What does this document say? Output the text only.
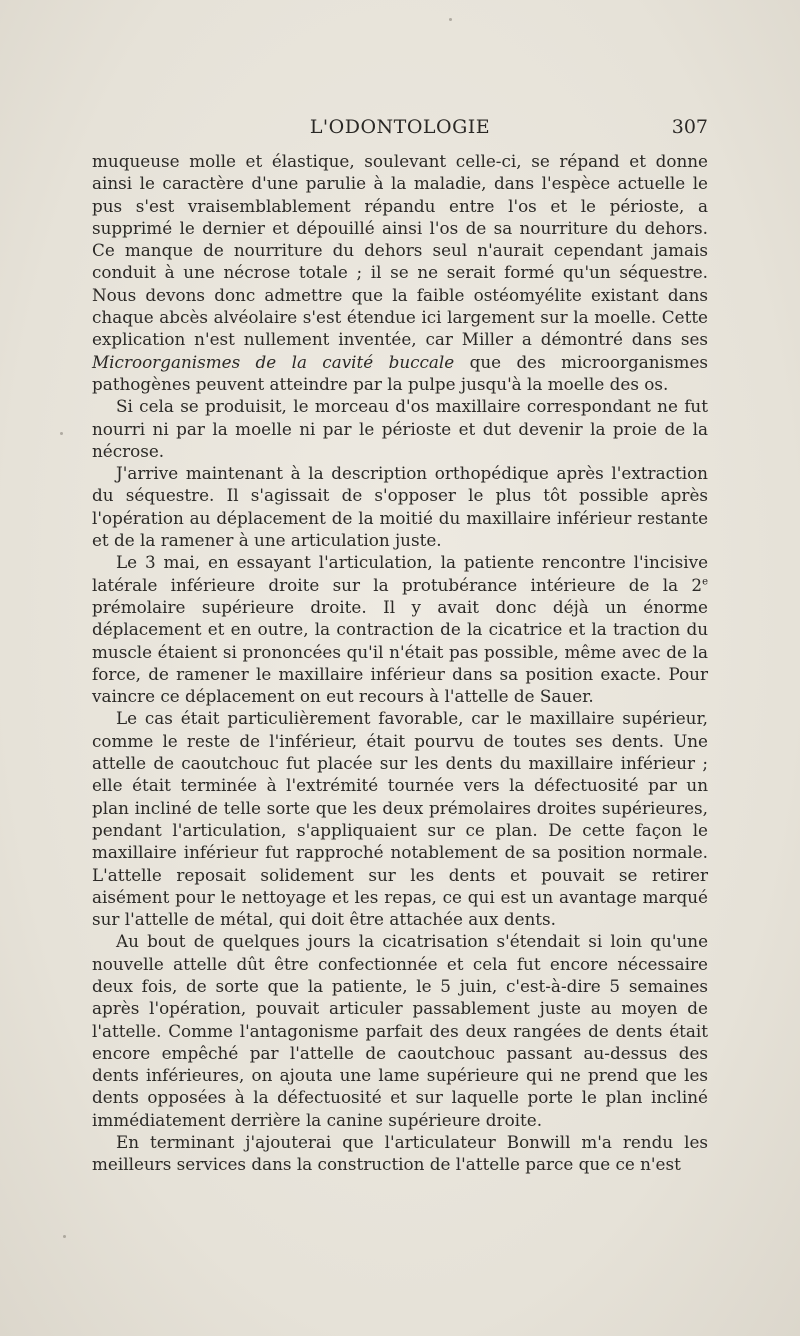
L'ODONTOLOGIE	307

muqueuse molle et élastique, soulevant celle-ci, se répand et donne ainsi le caractère d'une parulie à la maladie, dans l'espèce actuelle le pus s'est vraisemblablement répandu entre l'os et le périoste, a supprimé le dernier et dépouillé ainsi l'os de sa nourriture du dehors. Ce manque de nourriture du dehors seul n'aurait cependant jamais conduit à une nécrose totale ; il se ne serait formé qu'un séquestre. Nous devons donc admettre que la faible ostéomyélite existant dans chaque abcès alvéolaire s'est étendue ici largement sur la moelle. Cette explication n'est nullement inventée, car Miller a démontré dans ses Microorganismes de la cavité buccale que des microorganismes pathogènes peuvent atteindre par la pulpe jusqu'à la moelle des os.

Si cela se produisit, le morceau d'os maxillaire correspondant ne fut nourri ni par la moelle ni par le périoste et dut devenir la proie de la nécrose.

J'arrive maintenant à la description orthopédique après l'extraction du séquestre. Il s'agissait de s'opposer le plus tôt possible après l'opération au déplacement de la moitié du maxillaire inférieur restante et de la ramener à une articulation juste.

Le 3 mai, en essayant l'articulation, la patiente rencontre l'incisive latérale inférieure droite sur la protubérance intérieure de la 2e prémolaire supérieure droite. Il y avait donc déjà un énorme déplacement et en outre, la contraction de la cicatrice et la traction du muscle étaient si prononcées qu'il n'était pas possible, même avec de la force, de ramener le maxillaire inférieur dans sa position exacte. Pour vaincre ce déplacement on eut recours à l'attelle de Sauer.

Le cas était particulièrement favorable, car le maxillaire supérieur, comme le reste de l'inférieur, était pourvu de toutes ses dents. Une attelle de caoutchouc fut placée sur les dents du maxillaire inférieur ; elle était terminée à l'extrémité tournée vers la défectuosité par un plan incliné de telle sorte que les deux prémolaires droites supérieures, pendant l'articulation, s'appliquaient sur ce plan. De cette façon le maxillaire inférieur fut rapproché notablement de sa position normale. L'attelle reposait solidement sur les dents et pouvait se retirer aisément pour le nettoyage et les repas, ce qui est un avantage marqué sur l'attelle de métal, qui doit être attachée aux dents.

Au bout de quelques jours la cicatrisation s'étendait si loin qu'une nouvelle attelle dût être confectionnée et cela fut encore nécessaire deux fois, de sorte que la patiente, le 5 juin, c'est-à-dire 5 semaines après l'opération, pouvait articuler passablement juste au moyen de l'attelle. Comme l'antagonisme parfait des deux rangées de dents était encore empêché par l'attelle de caoutchouc passant au-dessus des dents inférieures, on ajouta une lame supérieure qui ne prend que les dents opposées à la défectuosité et sur laquelle porte le plan incliné immédiatement derrière la canine supérieure droite.

En terminant j'ajouterai que l'articulateur Bonwill m'a rendu les meilleurs services dans la construction de l'attelle parce que ce n'est
